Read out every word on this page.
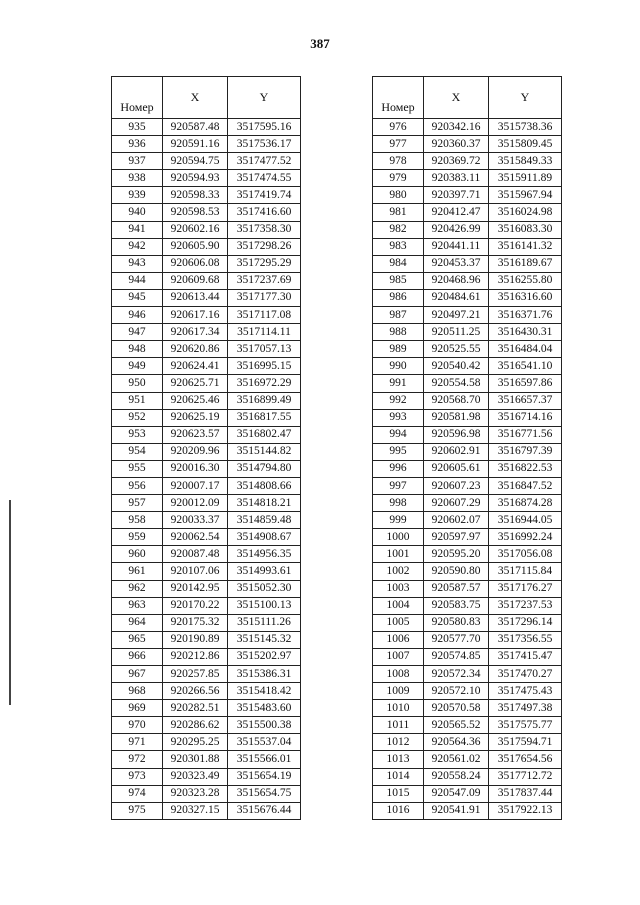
387
Номер	X	Y
935	920587.48	3517595.16
936	920591.16	3517536.17
937	920594.75	3517477.52
938	920594.93	3517474.55
939	920598.33	3517419.74
940	920598.53	3517416.60
941	920602.16	3517358.30
942	920605.90	3517298.26
943	920606.08	3517295.29
944	920609.68	3517237.69
945	920613.44	3517177.30
946	920617.16	3517117.08
947	920617.34	3517114.11
948	920620.86	3517057.13
949	920624.41	3516995.15
950	920625.71	3516972.29
951	920625.46	3516899.49
952	920625.19	3516817.55
953	920623.57	3516802.47
954	920209.96	3515144.82
955	920016.30	3514794.80
956	920007.17	3514808.66
957	920012.09	3514818.21
958	920033.37	3514859.48
959	920062.54	3514908.67
960	920087.48	3514956.35
961	920107.06	3514993.61
962	920142.95	3515052.30
963	920170.22	3515100.13
964	920175.32	3515111.26
965	920190.89	3515145.32
966	920212.86	3515202.97
967	920257.85	3515386.31
968	920266.56	3515418.42
969	920282.51	3515483.60
970	920286.62	3515500.38
971	920295.25	3515537.04
972	920301.88	3515566.01
973	920323.49	3515654.19
974	920323.28	3515654.75
975	920327.15	3515676.44
Номер	X	Y
976	920342.16	3515738.36
977	920360.37	3515809.45
978	920369.72	3515849.33
979	920383.11	3515911.89
980	920397.71	3515967.94
981	920412.47	3516024.98
982	920426.99	3516083.30
983	920441.11	3516141.32
984	920453.37	3516189.67
985	920468.96	3516255.80
986	920484.61	3516316.60
987	920497.21	3516371.76
988	920511.25	3516430.31
989	920525.55	3516484.04
990	920540.42	3516541.10
991	920554.58	3516597.86
992	920568.70	3516657.37
993	920581.98	3516714.16
994	920596.98	3516771.56
995	920602.91	3516797.39
996	920605.61	3516822.53
997	920607.23	3516847.52
998	920607.29	3516874.28
999	920602.07	3516944.05
1000	920597.97	3516992.24
1001	920595.20	3517056.08
1002	920590.80	3517115.84
1003	920587.57	3517176.27
1004	920583.75	3517237.53
1005	920580.83	3517296.14
1006	920577.70	3517356.55
1007	920574.85	3517415.47
1008	920572.34	3517470.27
1009	920572.10	3517475.43
1010	920570.58	3517497.38
1011	920565.52	3517575.77
1012	920564.36	3517594.71
1013	920561.02	3517654.56
1014	920558.24	3517712.72
1015	920547.09	3517837.44
1016	920541.91	3517922.13
